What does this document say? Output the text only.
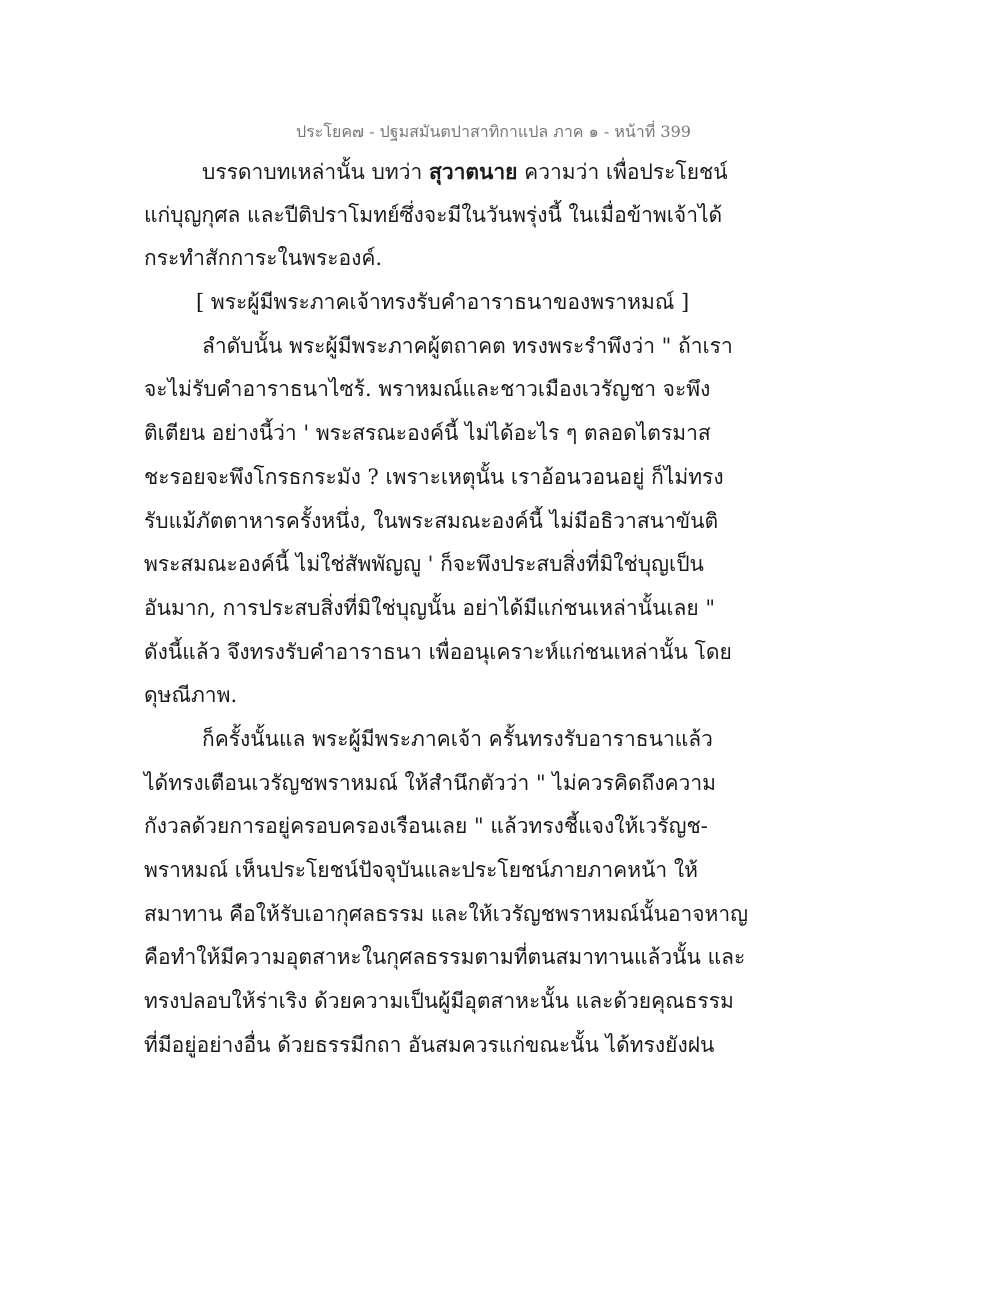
ประโยค๗ - ปฐมสมันตปาสาทิกาแปล ภาค ๑ - หน้าที่ 399
บรรดาบทเหล่านั้น บทว่า สุวาตนาย ความว่า เพื่อประโยชน์
แก่บุญกุศล และปีติปราโมทย์ซึ่งจะมีในวันพรุ่งนี้ ในเมื่อข้าพเจ้าได้
กระทำสักการะในพระองค์.
[ พระผู้มีพระภาคเจ้าทรงรับคำอาราธนาของพราหมณ์ ]
ลำดับนั้น พระผู้มีพระภาคผู้ตถาคต ทรงพระรำพึงว่า " ถ้าเรา
จะไม่รับคำอาราธนาไซร้. พราหมณ์และชาวเมืองเวรัญชา จะพึง
ติเตียน อย่างนี้ว่า ' พระสรณะองค์นี้ ไม่ได้อะไร ๆ ตลอดไตรมาส
ชะรอยจะพึงโกรธกระมัง ? เพราะเหตุนั้น เราอ้อนวอนอยู่ ก็ไม่ทรง
รับแม้ภัตตาหารครั้งหนึ่ง, ในพระสมณะองค์นี้ ไม่มีอธิวาสนาขันติ
พระสมณะองค์นี้ ไม่ใช่สัพพัญญู ' ก็จะพึงประสบสิ่งที่มิใช่บุญเป็น
อันมาก, การประสบสิ่งที่มิใช่บุญนั้น อย่าได้มีแก่ชนเหล่านั้นเลย "
ดังนี้แล้ว จึงทรงรับคำอาราธนา เพื่ออนุเคราะห์แก่ชนเหล่านั้น โดย
ดุษณีภาพ.
ก็ครั้งนั้นแล พระผู้มีพระภาคเจ้า ครั้นทรงรับอาราธนาแล้ว
ได้ทรงเตือนเวรัญชพราหมณ์ ให้สำนึกตัวว่า " ไม่ควรคิดถึงความ
กังวลด้วยการอยู่ครอบครองเรือนเลย " แล้วทรงชี้แจงให้เวรัญช-
พราหมณ์ เห็นประโยชน์ปัจจุบันและประโยชน์ภายภาคหน้า ให้
สมาทาน คือให้รับเอากุศลธรรม และให้เวรัญชพราหมณ์นั้นอาจหาญ
คือทำให้มีความอุตสาหะในกุศลธรรมตามที่ตนสมาทานแล้วนั้น และ
ทรงปลอบให้ร่าเริง ด้วยความเป็นผู้มีอุตสาหะนั้น และด้วยคุณธรรม
ที่มีอยู่อย่างอื่น ด้วยธรรมีกถา อันสมควรแก่ขณะนั้น ได้ทรงยังฝน
